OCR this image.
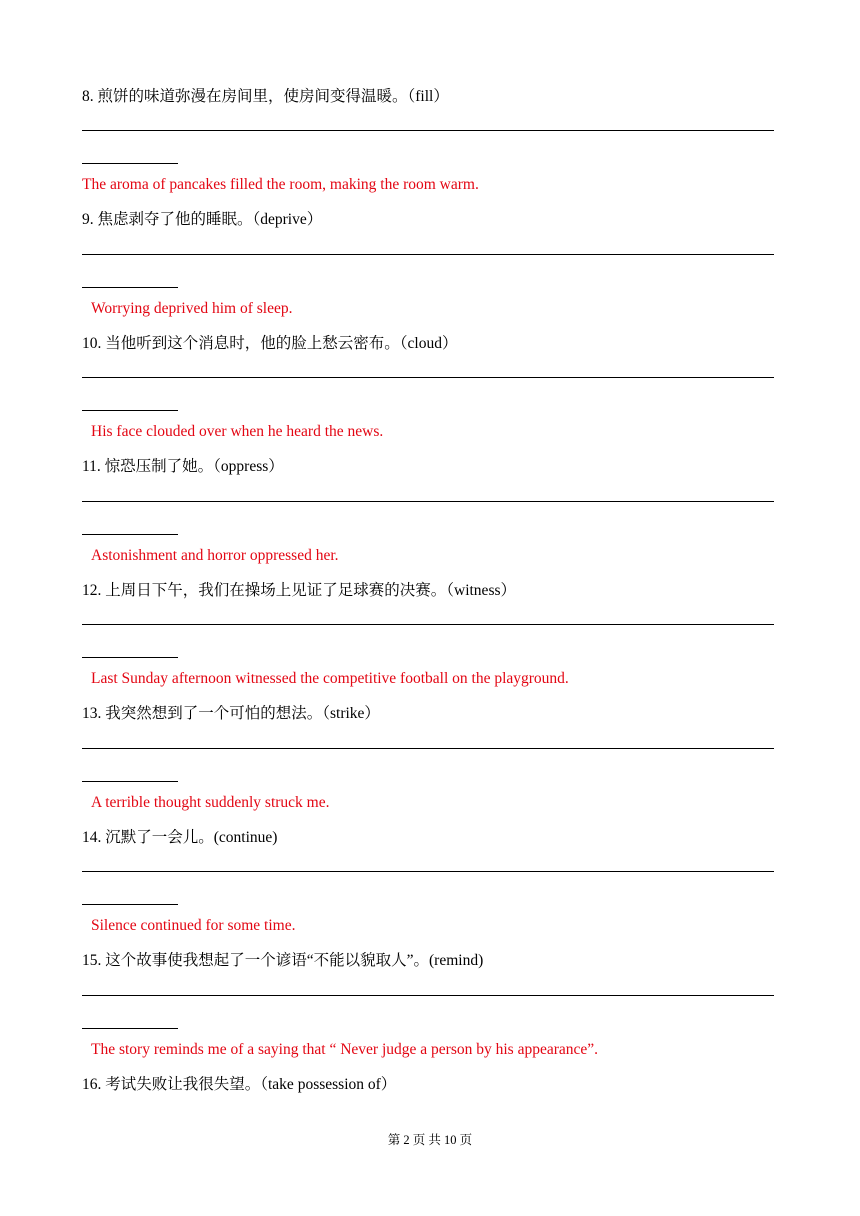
8. 煎饼的味道弥漫在房间里，使房间变得温暖。（fill）
The aroma of pancakes filled the room, making the room warm.
9. 焦虑剥夺了他的睡眠。（deprive）
Worrying deprived him of sleep.
10. 当他听到这个消息时，他的脸上愁云密布。（cloud）
His face clouded over when he heard the news.
11. 惊恐压制了她。（oppress）
Astonishment and horror oppressed her.
12. 上周日下午，我们在操场上见证了足球赛的决赛。（witness）
Last Sunday afternoon witnessed the competitive football on the playground.
13. 我突然想到了一个可怕的想法。（strike）
A terrible thought suddenly struck me.
14. 沉默了一会儿。(continue)
Silence continued for some time.
15. 这个故事使我想起了一个谚语“不能以貌取人”。(remind)
The story reminds me of a saying that “ Never judge a person by his appearance”.
16. 考试失败让我很失望。（take possession of）
第 2 页 共 10 页
